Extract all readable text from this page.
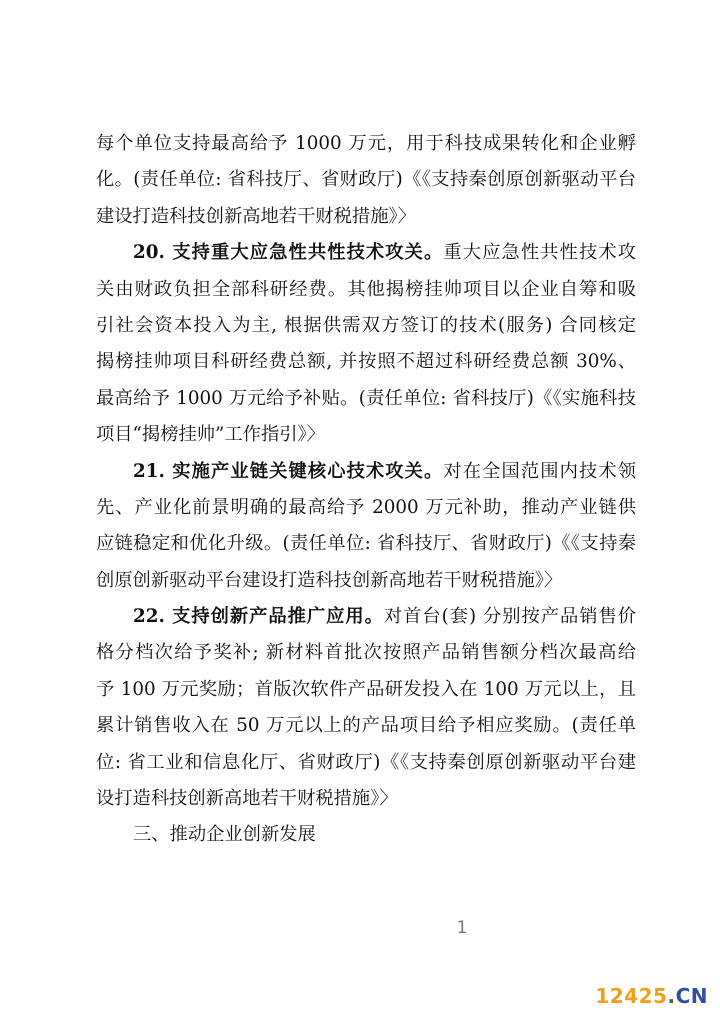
每个单位支持最高给予 1000 万元，用于科技成果转化和企业孵
化。(责任单位: 省科技厅、省财政厅)《《支持秦创原创新驱动平台
建设打造科技创新高地若干财税措施》〉
20. 支持重大应急性共性技术攻关。重大应急性共性技术攻
关由财政负担全部科研经费。其他揭榜挂帅项目以企业自筹和吸
引社会资本投入为主, 根据供需双方签订的技术(服务) 合同核定
揭榜挂帅项目科研经费总额, 并按照不超过科研经费总额 30%、
最高给予 1000 万元给予补贴。(责任单位: 省科技厅)《《实施科技
项目“揭榜挂帅”工作指引》〉
21. 实施产业链关键核心技术攻关。对在全国范围内技术领
先、产业化前景明确的最高给予 2000 万元补助，推动产业链供
应链稳定和优化升级。(责任单位: 省科技厅、省财政厅)《《支持秦
创原创新驱动平台建设打造科技创新高地若干财税措施》〉
22. 支持创新产品推广应用。对首台(套) 分别按产品销售价
格分档次给予奖补; 新材料首批次按照产品销售额分档次最高给
予 100 万元奖励；首版次软件产品研发投入在 100 万元以上，且
累计销售收入在 50 万元以上的产品项目给予相应奖励。(责任单
位: 省工业和信息化厅、省财政厅)《《支持秦创原创新驱动平台建
设打造科技创新高地若干财税措施》〉
三、推动企业创新发展
1
12425.CN
